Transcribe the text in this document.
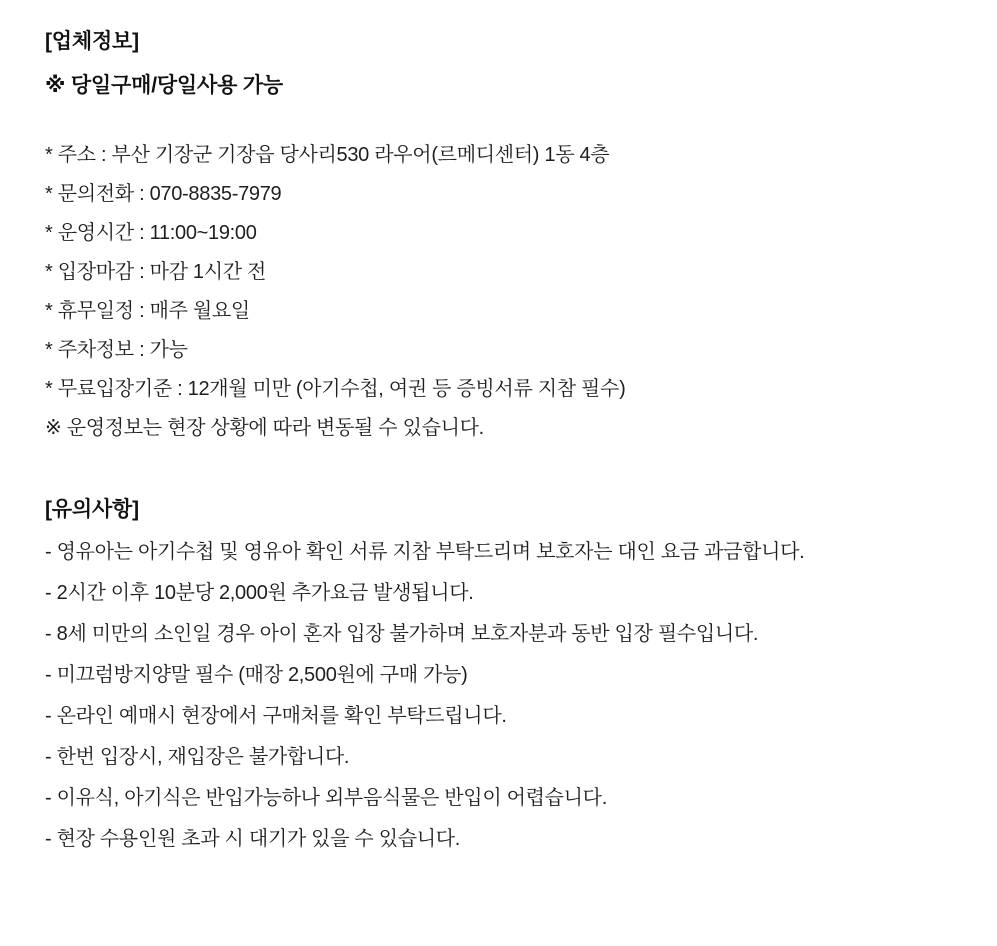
[업체정보]

※ 당일구매/당일사용 가능

* 주소 : 부산 기장군 기장읍 당사리530 라우어(르메디센터) 1동 4층

* 문의전화 : 070-8835-7979

* 운영시간 : 11:00~19:00

* 입장마감 : 마감 1시간 전

* 휴무일정 : 매주 월요일

* 주차정보 : 가능

* 무료입장기준 : 12개월 미만 (아기수첩, 여권 등 증빙서류 지참 필수)

※ 운영정보는 현장 상황에 따라 변동될 수 있습니다.

[유의사항]

- 영유아는 아기수첩 및 영유아 확인 서류 지참 부탁드리며 보호자는 대인 요금 과금합니다.

- 2시간 이후 10분당 2,000원 추가요금 발생됩니다.

- 8세 미만의 소인일 경우 아이 혼자 입장 불가하며 보호자분과 동반 입장 필수입니다.

- 미끄럼방지양말 필수 (매장 2,500원에 구매 가능)

- 온라인 예매시 현장에서 구매처를 확인 부탁드립니다.

- 한번 입장시, 재입장은 불가합니다.

- 이유식, 아기식은 반입가능하나 외부음식물은 반입이 어렵습니다.

- 현장 수용인원 초과 시 대기가 있을 수 있습니다.
